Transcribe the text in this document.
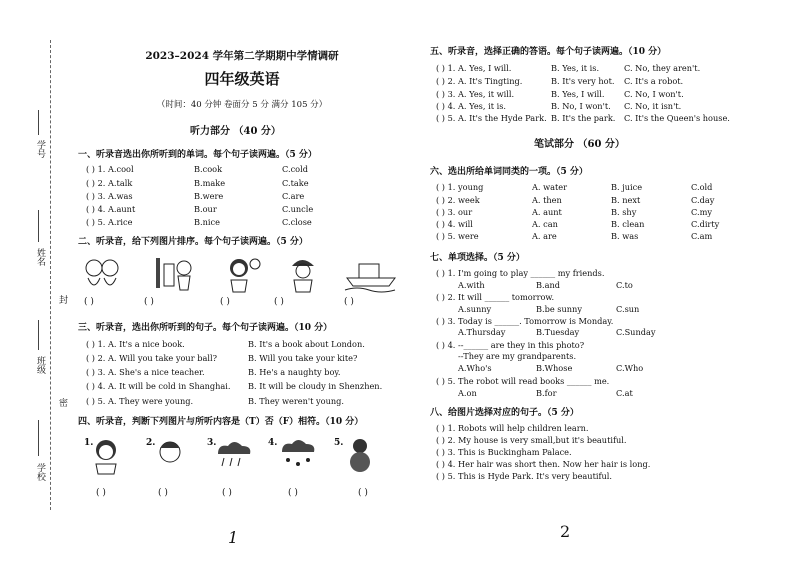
学号
姓名
班级
学校
封
密
2023–2024 学年第二学期期中学情调研
四年级英语
（时间：40 分钟 卷面分 5 分 满分 105 分）
听力部分 （40 分）
一、听录音选出你所听到的单词。每个句子读两遍。（5 分）
( ) 1. A.cool	B.cook	C.cold
( ) 2. A.talk	B.make	C.take
( ) 3. A.was	B.were	C.are
( ) 4. A.aunt	B.our	C.uncle
( ) 5. A.rice	B.nice	C.close
二、听录音，给下列图片排序。每个句子读两遍。（5 分）
( )	( )	( )	( )	( )
三、听录音，选出你所听到的句子。每个句子读两遍。（10 分）
( ) 1. A. It's a nice book.	B. It's a book about London.
( ) 2. A. Will you take your ball?	B. Will you take your kite?
( ) 3. A. She's a nice teacher.	B. He's a naughty boy.
( ) 4. A. It will be cold in Shanghai. B. It will be cloudy in Shenzhen.
( ) 5. A. They were young.	B. They weren't young.
四、听录音，判断下列图片与所听内容是（T）否（F）相符。（10 分）
1.	2.	3.	4.	5.
( )	( )	( )	( )	( )
1
五、听录音，选择正确的答语。每个句子读两遍。（10 分）
( ) 1. A. Yes, I will.	B. Yes, it is.	C. No, they aren't.
( ) 2. A. It's Tingting.	B. It's very hot. C. It's a robot.
( ) 3. A. Yes, it will.	B. Yes, I will. C. No, I won't.
( ) 4. A. Yes, it is.	B. No, I won't. C. No, it isn't.
( ) 5. A. It's the Hyde Park. B. It's the park. C. It's the Queen's house.
笔试部分 （60 分）
六、选出所给单词同类的一项。（5 分）
( ) 1. young	A. water	B. juice	C.old
( ) 2. week	A. then	B. next	C.day
( ) 3. our	A. aunt	B. shy	C.my
( ) 4. will	A. can	B. clean	C.dirty
( ) 5. were	A. are	B. was	C.am
七、单项选择。（5 分）
( ) 1. I'm going to play ______ my friends.
A.with	B.and	C.to
( ) 2. It will ______ tomorrow.
A.sunny	B.be sunny	C.sun
( ) 3. Today is ______. Tomorrow is Monday.
A.Thursday	B.Tuesday	C.Sunday
( ) 4. --______ are they in this photo?
--They are my grandparents.
A.Who's	B.Whose	C.Who
( ) 5. The robot will read books ______ me.
A.on	B.for	C.at
八、给图片选择对应的句子。（5 分）
( ) 1. Robots will help children learn.
( ) 2. My house is very small,but it's beautiful.
( ) 3. This is Buckingham Palace.
( ) 4. Her hair was short then. Now her hair is long.
( ) 5. This is Hyde Park. It's very beautiful.
2
